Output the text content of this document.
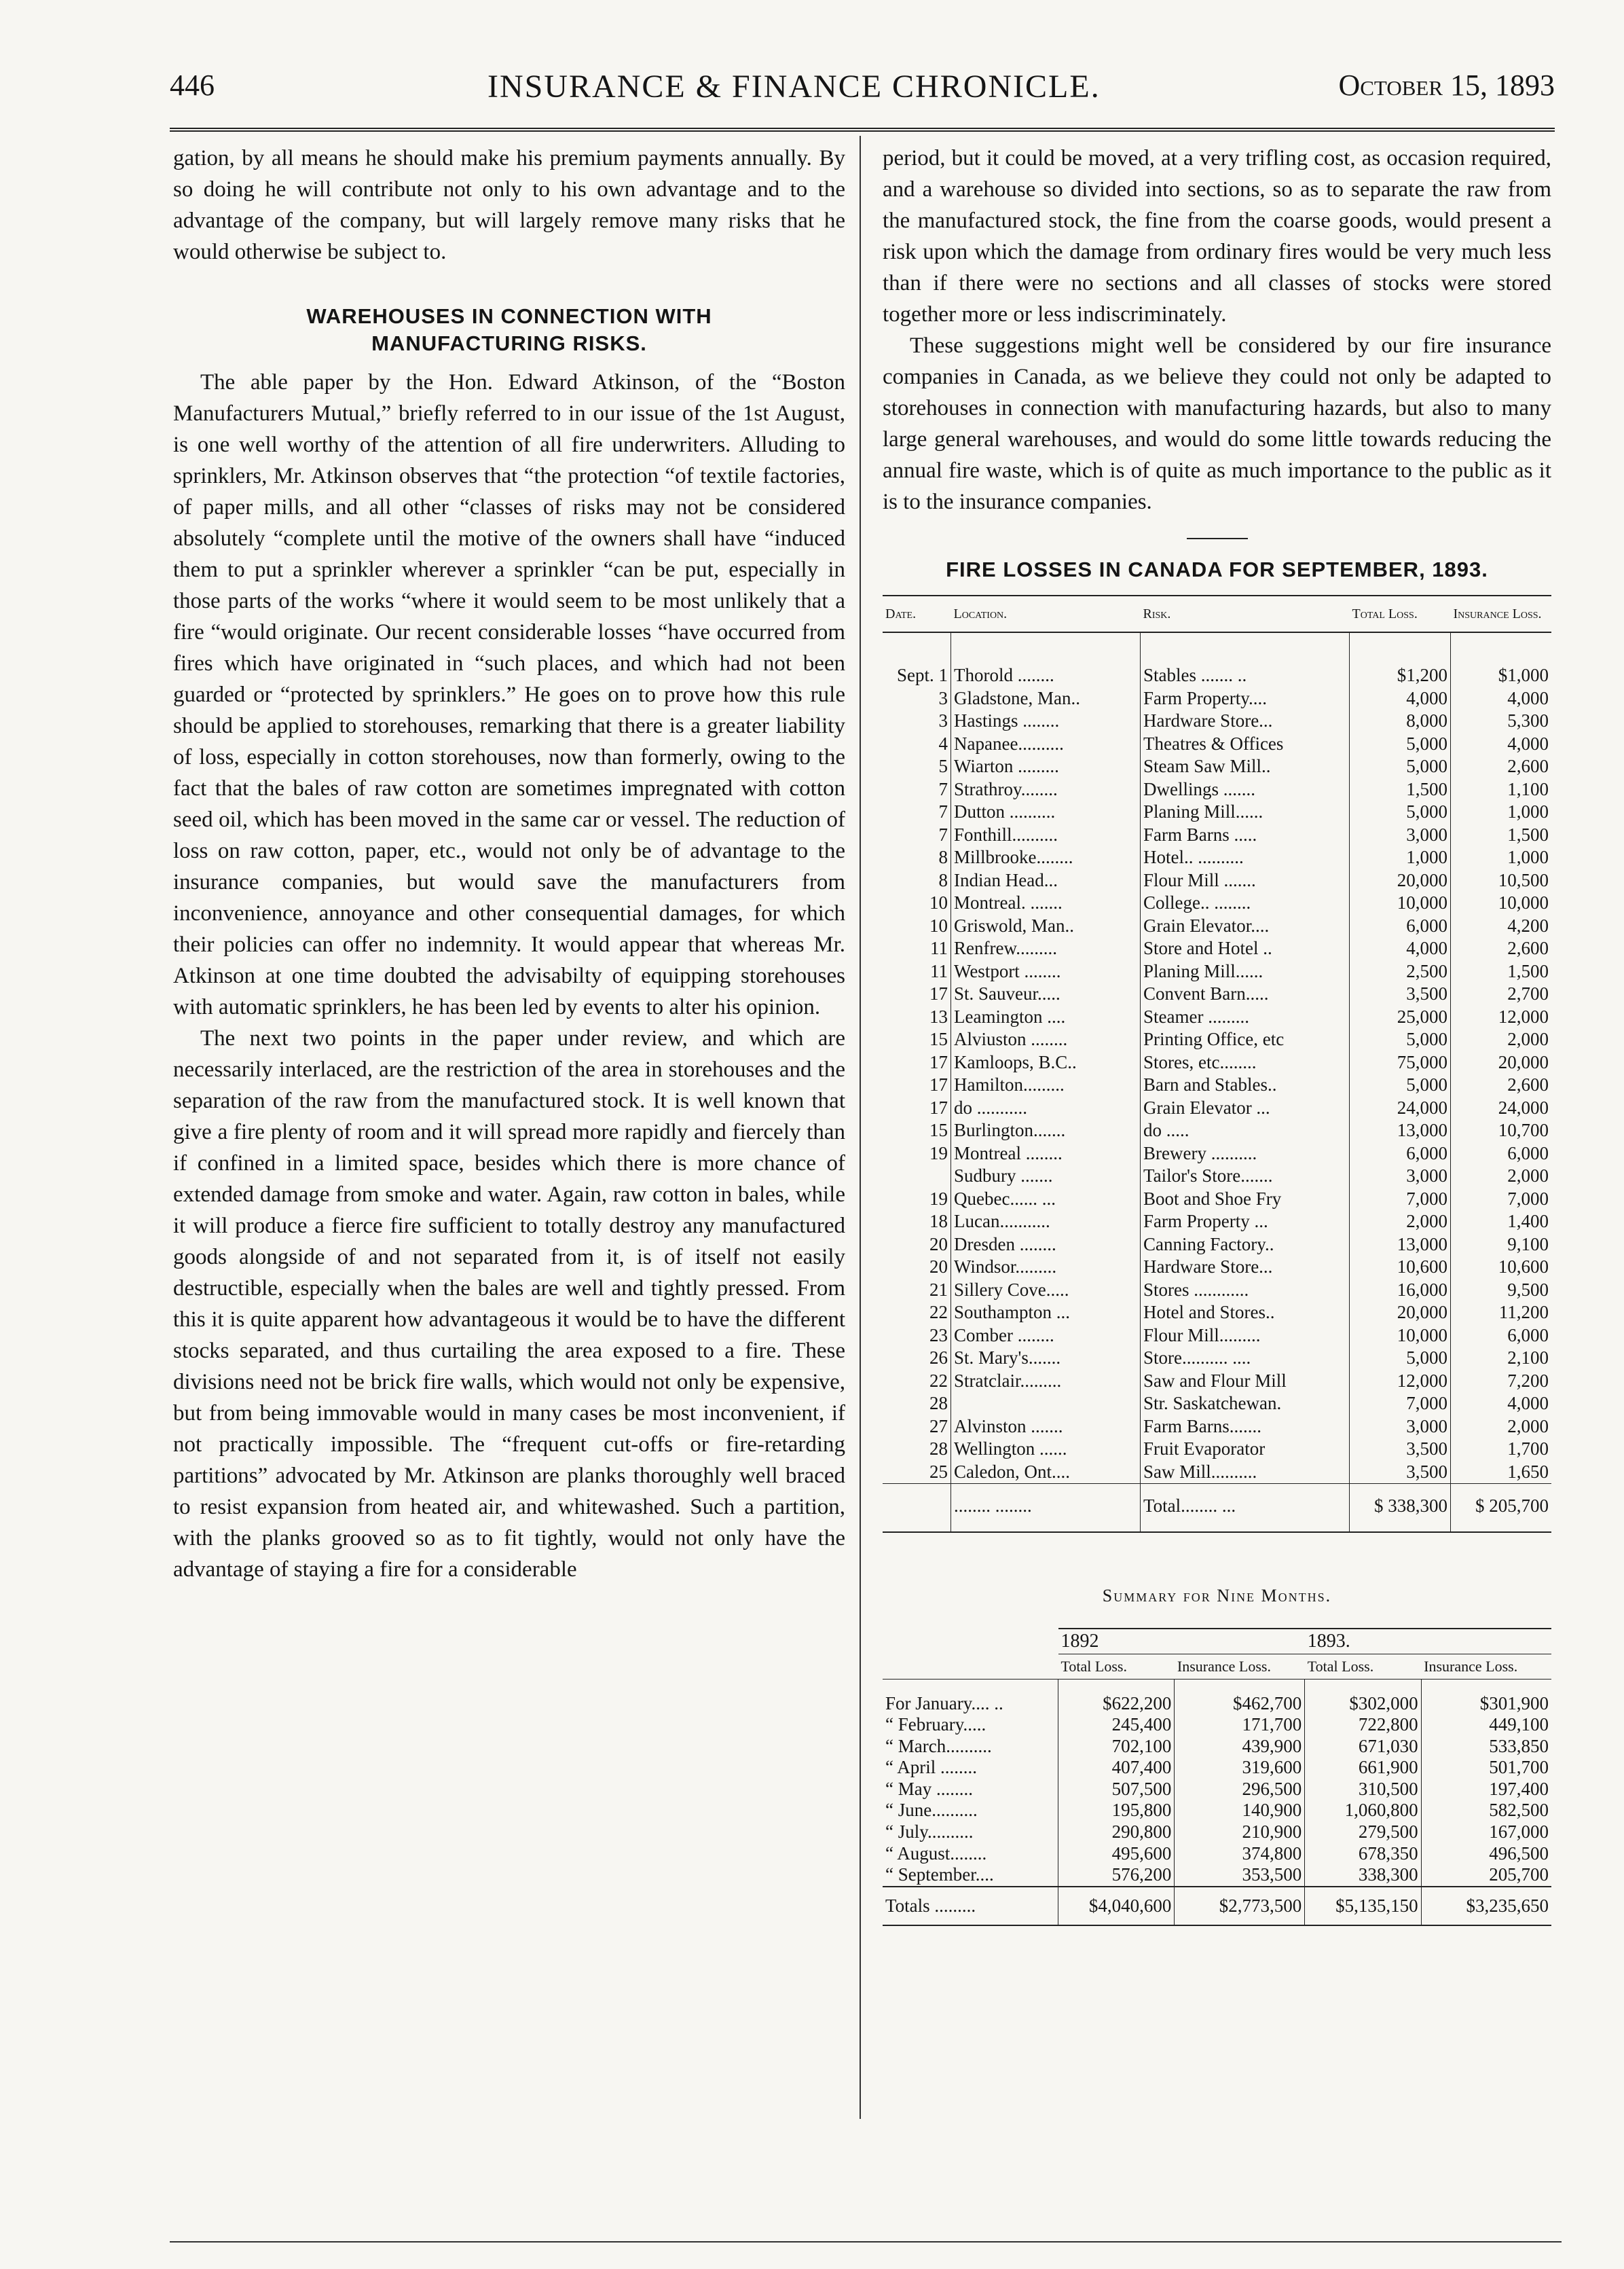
446	INSURANCE & FINANCE CHRONICLE.	October 15, 1893

gation, by all means he should make his premium payments annually. By so doing he will contribute not only to his own advantage and to the advantage of the company, but will largely remove many risks that he would otherwise be subject to.

WAREHOUSES IN CONNECTION WITH
MANUFACTURING RISKS.

The able paper by the Hon. Edward Atkinson, of the “Boston Manufacturers Mutual,” briefly referred to in our issue of the 1st August, is one well worthy of the attention of all fire underwriters. Alluding to sprinklers, Mr. Atkinson observes that “the protection “of textile factories, of paper mills, and all other “classes of risks may not be considered absolutely “complete until the motive of the owners shall have “induced them to put a sprinkler wherever a sprinkler “can be put, especially in those parts of the works “where it would seem to be most unlikely that a fire “would originate. Our recent considerable losses “have occurred from fires which have originated in “such places, and which had not been guarded or “protected by sprinklers.” He goes on to prove how this rule should be applied to storehouses, remarking that there is a greater liability of loss, especially in cotton storehouses, now than formerly, owing to the fact that the bales of raw cotton are sometimes impregnated with cotton seed oil, which has been moved in the same car or vessel. The reduction of loss on raw cotton, paper, etc., would not only be of advantage to the insurance companies, but would save the manufacturers from inconvenience, annoyance and other consequential damages, for which their policies can offer no indemnity. It would appear that whereas Mr. Atkinson at one time doubted the advisabilty of equipping storehouses with automatic sprinklers, he has been led by events to alter his opinion.

The next two points in the paper under review, and which are necessarily interlaced, are the restriction of the area in storehouses and the separation of the raw from the manufactured stock. It is well known that give a fire plenty of room and it will spread more rapidly and fiercely than if confined in a limited space, besides which there is more chance of extended damage from smoke and water. Again, raw cotton in bales, while it will produce a fierce fire sufficient to totally destroy any manufactured goods alongside of and not separated from it, is of itself not easily destructible, especially when the bales are well and tightly pressed. From this it is quite apparent how advantageous it would be to have the different stocks separated, and thus curtailing the area exposed to a fire. These divisions need not be brick fire walls, which would not only be expensive, but from being immovable would in many cases be most inconvenient, if not practically impossible. The “frequent cut-offs or fire-retarding partitions” advocated by Mr. Atkinson are planks thoroughly well braced to resist expansion from heated air, and whitewashed. Such a partition, with the planks grooved so as to fit tightly, would not only have the advantage of staying a fire for a considerable

period, but it could be moved, at a very trifling cost, as occasion required, and a warehouse so divided into sections, so as to separate the raw from the manufactured stock, the fine from the coarse goods, would present a risk upon which the damage from ordinary fires would be very much less than if there were no sections and all classes of stocks were stored together more or less indiscriminately.

These suggestions might well be considered by our fire insurance companies in Canada, as we believe they could not only be adapted to storehouses in connection with manufacturing hazards, but also to many large general warehouses, and would do some little towards reducing the annual fire waste, which is of quite as much importance to the public as it is to the insurance companies.

FIRE LOSSES IN CANADA FOR SEPTEMBER, 1893.
Date.	Location.	Risk.	Total Loss.	Insurance Loss.
Sept. 1	Thorold ........	Stables ....... ..	$1,200	$1,000
3	Gladstone, Man..	Farm Property....	4,000	4,000
3	Hastings ........	Hardware Store...	8,000	5,300
4	Napanee..........	Theatres & Offices	5,000	4,000
5	Wiarton .........	Steam Saw Mill..	5,000	2,600
7	Strathroy........	Dwellings .......	1,500	1,100
7	Dutton ..........	Planing Mill......	5,000	1,000
7	Fonthill..........	Farm Barns .....	3,000	1,500
8	Millbrooke........	Hotel.. ..........	1,000	1,000
8	Indian Head...	Flour Mill .......	20,000	10,500
10	Montreal. .......	College.. ........	10,000	10,000
10	Griswold, Man..	Grain Elevator....	6,000	4,200
11	Renfrew.........	Store and Hotel ..	4,000	2,600
11	Westport ........	Planing Mill......	2,500	1,500
17	St. Sauveur.....	Convent Barn.....	3,500	2,700
13	Leamington ....	Steamer .........	25,000	12,000
15	Alviuston ........	Printing Office, etc	5,000	2,000
17	Kamloops, B.C..	Stores, etc........	75,000	20,000
17	Hamilton.........	Barn and Stables..	5,000	2,600
17	do ...........	Grain Elevator ...	24,000	24,000
15	Burlington.......	do .....	13,000	10,700
19	Montreal ........	Brewery ..........	6,000	6,000
	Sudbury .......	Tailor's Store.......	3,000	2,000
19	Quebec...... ...	Boot and Shoe Fry	7,000	7,000
18	Lucan...........	Farm Property ...	2,000	1,400
20	Dresden ........	Canning Factory..	13,000	9,100
20	Windsor.........	Hardware Store...	10,600	10,600
21	Sillery Cove.....	Stores ............	16,000	9,500
22	Southampton ...	Hotel and Stores..	20,000	11,200
23	Comber ........	Flour Mill.........	10,000	6,000
26	St. Mary's.......	Store.......... ....	5,000	2,100
22	Stratclair.........	Saw and Flour Mill	12,000	7,200
28		Str. Saskatchewan.	7,000	4,000
27	Alvinston .......	Farm Barns.......	3,000	2,000
28	Wellington ......	Fruit Evaporator	3,500	1,700
25	Caledon, Ont....	Saw Mill..........	3,500	1,650
	........ ........	Total........ ...	$ 338,300	$ 205,700
Summary for Nine Months.
	1892		1893.	
	Total Loss.	Insurance Loss.	Total Loss.	Insurance Loss.
For January.... ..	$622,200	$462,700	$302,000	$301,900
“ February.....	245,400	171,700	722,800	449,100
“ March..........	702,100	439,900	671,030	533,850
“ April ........	407,400	319,600	661,900	501,700
“ May ........	507,500	296,500	310,500	197,400
“ June..........	195,800	140,900	1,060,800	582,500
“ July..........	290,800	210,900	279,500	167,000
“ August........	495,600	374,800	678,350	496,500
“ September....	576,200	353,500	338,300	205,700
Totals .........	$4,040,600	$2,773,500	$5,135,150	$3,235,650
